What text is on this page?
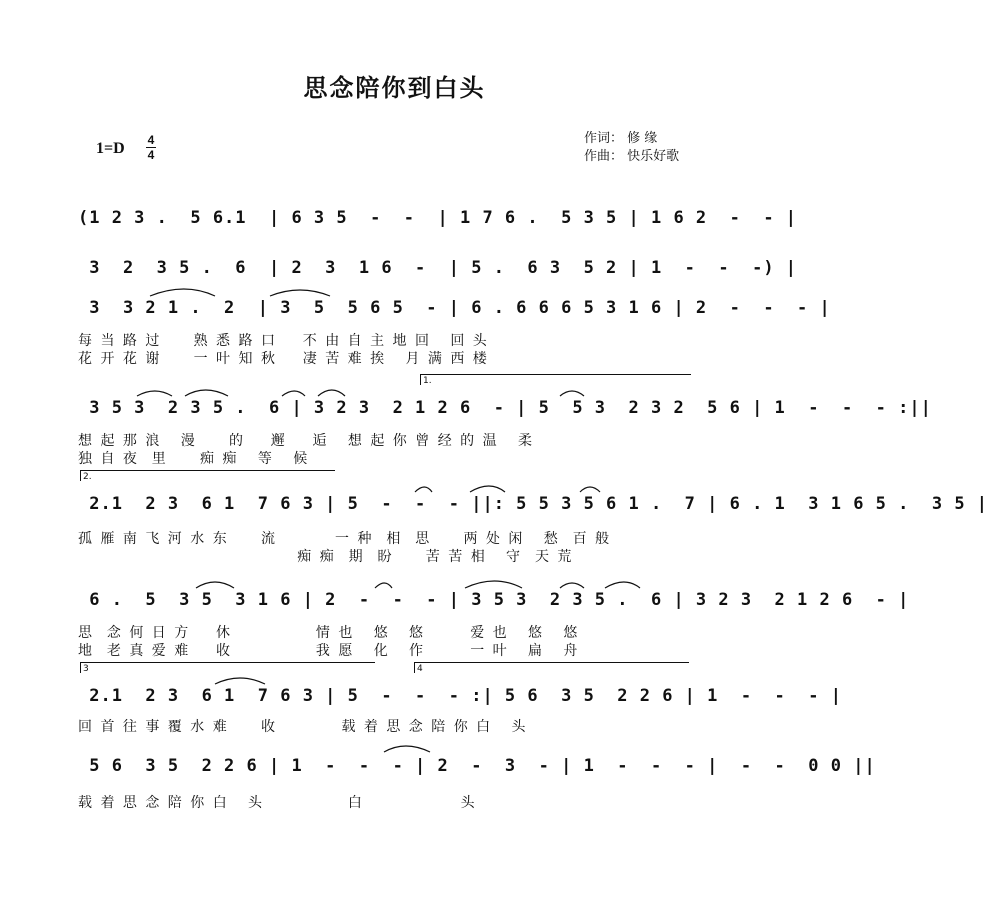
思念陪你到白头
1=D 4
4
作词： 修 缘
作曲： 快乐好歌
(1 2 3 .  5 6.1  | 6 3 5  -  -  | 1 7 6 .  5 3 5 | 1 6 2  -  - |
3  2  3 5 .  6  | 2  3  1 6  -  | 5 .  6 3  5 2 | 1  -  -  -) |
3  3 2 1 .  2  | 3  5  5 6 5  - | 6 . 6 6 6 5 3 1 6 | 2  -  -  - |
每 当 路 过     熟 悉 路 口    不 由 自 主 地 回   回 头
花 开 花 谢     一 叶 知 秋    凄 苦 难 挨   月 满 西 楼
1.
3 5 3  2 3 5 .  6 | 3 2 3  2 1 2 6  - | 5  5 3  2 3 2  5 6 | 1  -  -  - :||
想 起 那 浪   漫     的    邂    逅   想 起 你 曾 经 的 温   柔
独 自 夜  里     痴 痴   等   候
2.
2.1  2 3  6 1  7 6 3 | 5  -  -  - ||: 5 5 3 5 6 1 .  7 | 6 . 1  3 1 6 5 .  3 5 |
孤 雁 南 飞 河 水 东     流         一 种  相  思     两 处 闲   愁  百 般
痴 痴  期  盼     苦 苦 相   守  天 荒
6 .  5  3 5  3 1 6 | 2  -  -  - | 3 5 3  2 3 5 .  6 | 3 2 3  2 1 2 6  - |
思  念 何 日 方    休             情 也   悠   悠       爱 也   悠   悠
地  老 真 爱 难    收             我 愿   化   作       一 叶   扁   舟
3	4
2.1  2 3  6 1  7 6 3 | 5  -  -  - :| 5 6  3 5  2 2 6 | 1  -  -  - |
回 首 往 事 覆 水 难     收          载 着 思 念 陪 你 白   头
5 6  3 5  2 2 6 | 1  -  -  - | 2  -  3  - | 1  -  -  - |  -  -  0 0 ||
载 着 思 念 陪 你 白   头             白               头
